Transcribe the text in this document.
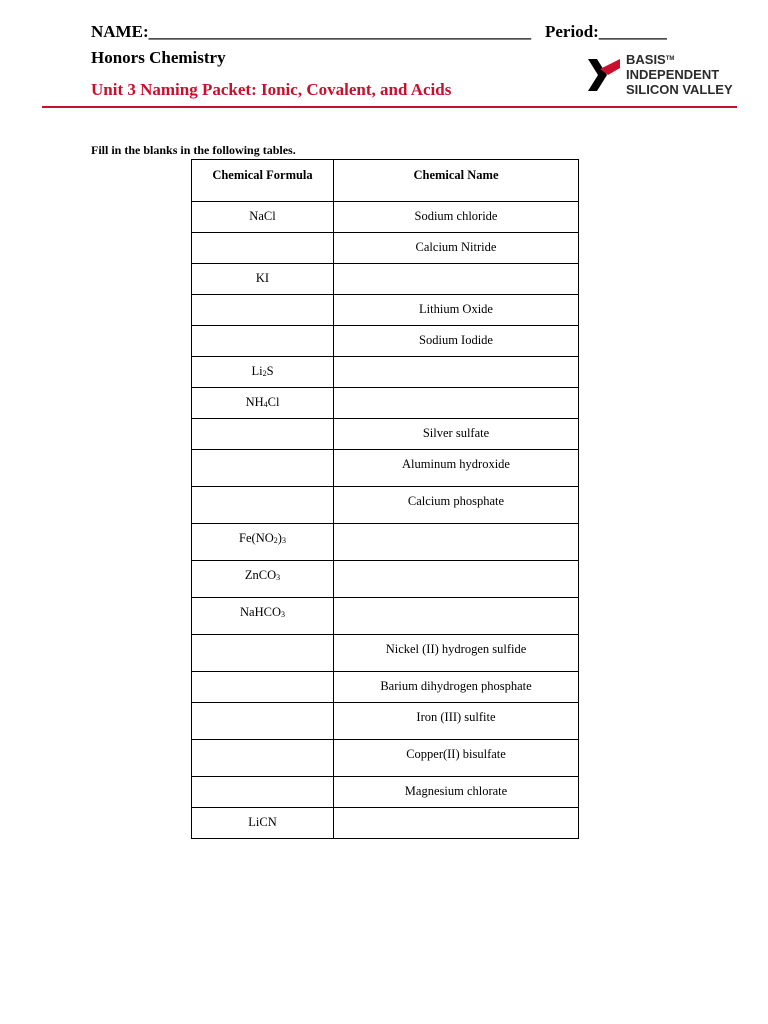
NAME:_____________________________________________ Period:________
Honors Chemistry
Unit 3 Naming Packet: Ionic, Covalent, and Acids
BASIS™
INDEPENDENT
SILICON VALLEY
Fill in the blanks in the following tables.
Chemical Formula	Chemical Name
NaCl	Sodium chloride
	Calcium Nitride
KI	
	Lithium Oxide
	Sodium Iodide
$Li_2S$	
$NH_4Cl$	
	Silver sulfate
	Aluminum hydroxide
	Calcium phosphate
$Fe(NO_2)_3$	
ZnCO$_3$	
NaHCO$_3$	
	Nickel (II) hydrogen sulfide
	Barium dihydrogen phosphate
	Iron (III) sulfite
	Copper(II) bisulfate
	Magnesium chlorate
LiCN	
